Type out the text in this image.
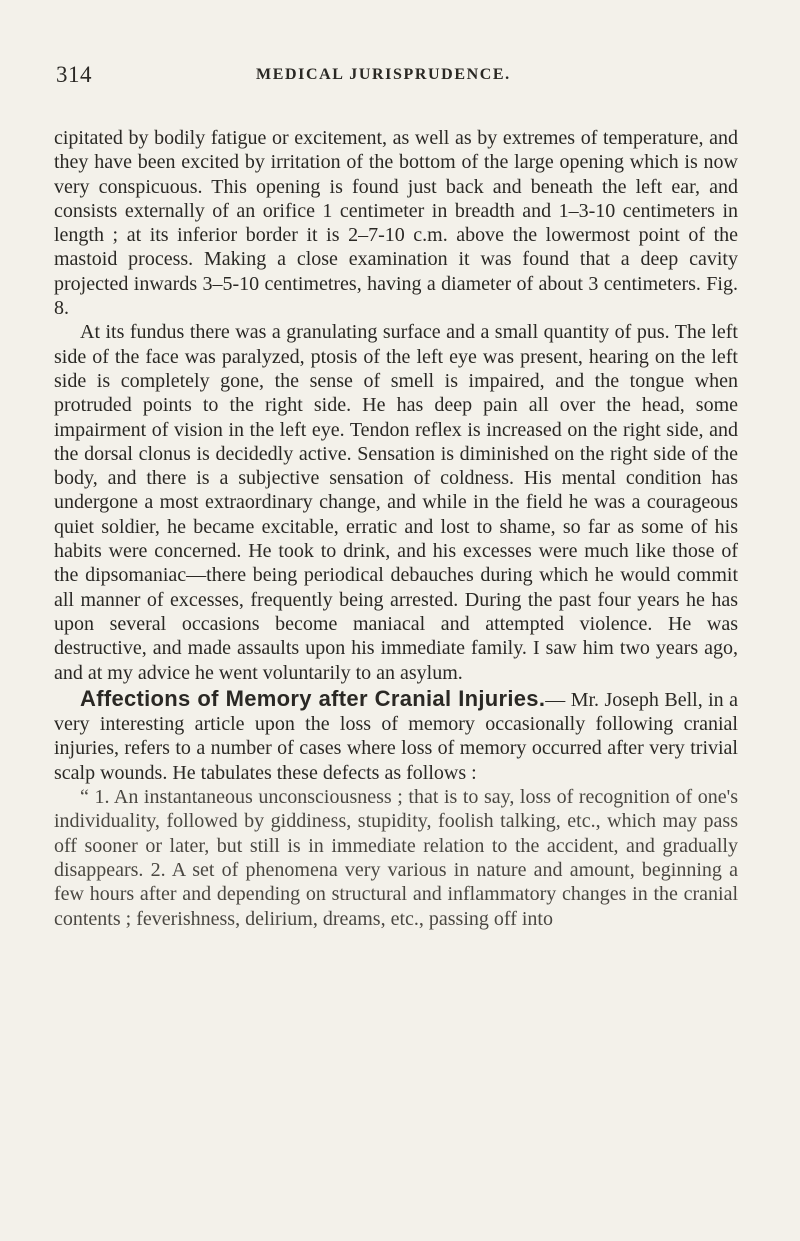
314	MEDICAL JURISPRUDENCE.

cipitated by bodily fatigue or excitement, as well as by extremes of temperature, and they have been excited by irritation of the bottom of the large opening which is now very conspicuous. This opening is found just back and beneath the left ear, and consists externally of an orifice 1 centimeter in breadth and 1–3-10 centimeters in length ; at its inferior border it is 2–7-10 c.m. above the lowermost point of the mastoid process. Making a close examination it was found that a deep cavity projected inwards 3–5-10 centimetres, having a diameter of about 3 centimeters. Fig. 8.

At its fundus there was a granulating surface and a small quantity of pus. The left side of the face was paralyzed, ptosis of the left eye was present, hearing on the left side is completely gone, the sense of smell is impaired, and the tongue when protruded points to the right side. He has deep pain all over the head, some impairment of vision in the left eye. Tendon reflex is increased on the right side, and the dorsal clonus is decidedly active. Sensation is diminished on the right side of the body, and there is a subjective sensation of coldness. His mental condition has undergone a most extraordinary change, and while in the field he was a courageous quiet soldier, he became excitable, erratic and lost to shame, so far as some of his habits were concerned. He took to drink, and his excesses were much like those of the dipsomaniac—there being periodical debauches during which he would commit all manner of excesses, frequently being arrested. During the past four years he has upon several occasions become maniacal and attempted violence. He was destructive, and made assaults upon his immediate family. I saw him two years ago, and at my advice he went voluntarily to an asylum.

Affections of Memory after Cranial Injuries.— Mr. Joseph Bell, in a very interesting article upon the loss of memory occasionally following cranial injuries, refers to a number of cases where loss of memory occurred after very trivial scalp wounds. He tabulates these defects as follows :

“ 1. An instantaneous unconsciousness ; that is to say, loss of recognition of one's individuality, followed by giddiness, stupidity, foolish talking, etc., which may pass off sooner or later, but still is in immediate relation to the accident, and gradually disappears. 2. A set of phenomena very various in nature and amount, beginning a few hours after and depending on structural and inflammatory changes in the cranial contents ; feverishness, delirium, dreams, etc., passing off into
